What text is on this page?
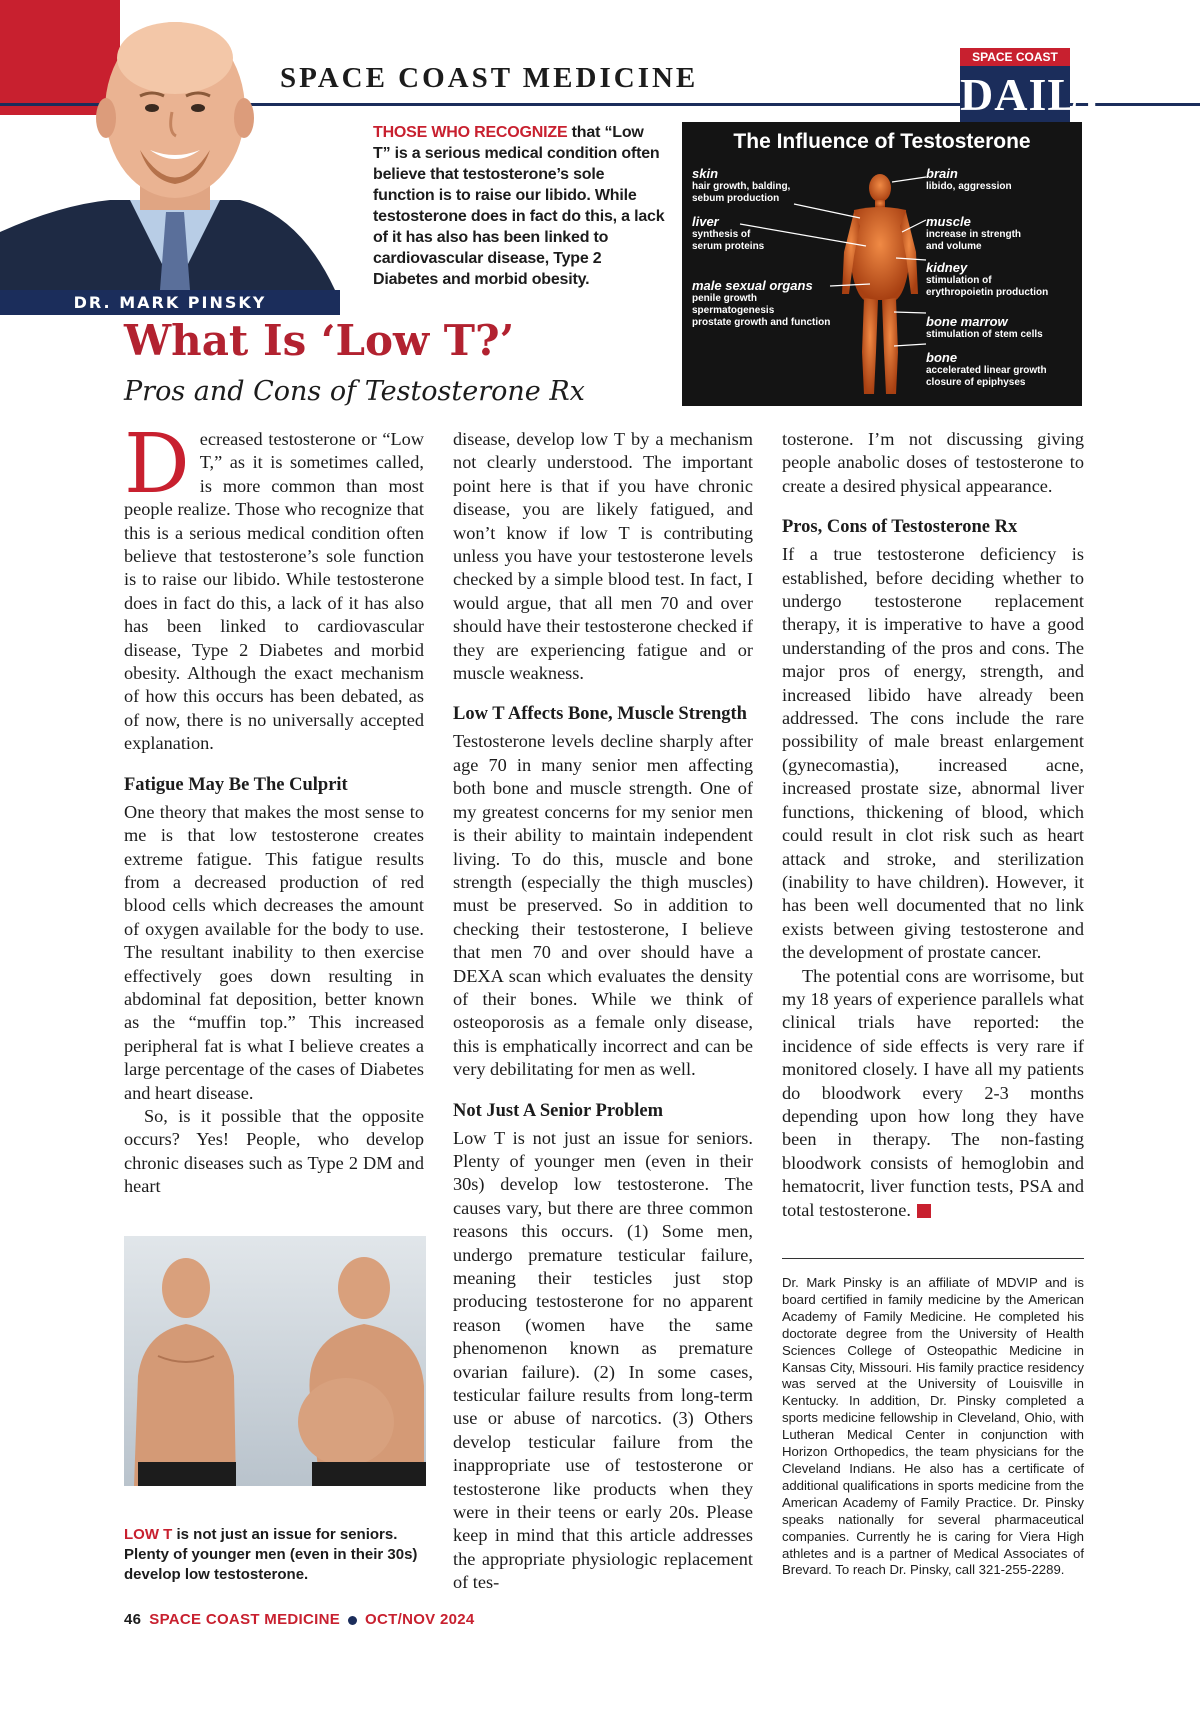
DR. MARK PINSKY
SPACE COAST MEDICINE
SPACE COAST
DAILY
THOSE WHO RECOGNIZE that “Low T” is a serious medical condition often believe that testosterone’s sole function is to raise our libido. While testosterone does in fact do this, a lack of it has also has been linked to cardiovascular disease, Type 2 Diabetes and morbid obesity.
The Influence of Testosterone
skin
hair growth, balding,
sebum production
liver
synthesis of
serum proteins
male sexual organs
penile growth
spermatogenesis
prostate growth and function
brain
libido, aggression
muscle
increase in strength
and volume
kidney
stimulation of
erythropoietin production
bone marrow
stimulation of stem cells
bone
accelerated linear growth
closure of epiphyses
What Is ‘Low T?’
Pros and Cons of Testosterone Rx

Decreased testosterone or “Low T,” as it is sometimes called, is more common than most people realize. Those who recognize that this is a serious medical condition often believe that testosterone’s sole function is to raise our libido. While testosterone does in fact do this, a lack of it has also has been linked to cardiovascular disease, Type 2 Diabetes and morbid obesity. Although the exact mechanism of how this occurs has been debated, as of now, there is no universally accepted explanation.

Fatigue May Be The Culprit

One theory that makes the most sense to me is that low testosterone creates extreme fatigue. This fatigue results from a decreased production of red blood cells which decreases the amount of oxygen available for the body to use. The resultant inability to then exercise effectively goes down resulting in abdominal fat deposition, better known as the “muffin top.” This increased peripheral fat is what I believe creates a large percentage of the cases of Diabetes and heart disease.

So, is it possible that the opposite occurs? Yes! People, who develop chronic diseases such as Type 2 DM and heart

LOW T is not just an issue for seniors. Plenty of younger men (even in their 30s) develop low testosterone.

disease, develop low T by a mechanism not clearly understood. The important point here is that if you have chronic disease, you are likely fatigued, and won’t know if low T is contributing unless you have your testosterone levels checked by a simple blood test. In fact, I would argue, that all men 70 and over should have their testosterone checked if they are experiencing fatigue and or muscle weakness.

Low T Affects Bone, Muscle Strength

Testosterone levels decline sharply after age 70 in many senior men affecting both bone and muscle strength. One of my greatest concerns for my senior men is their ability to maintain independent living. To do this, muscle and bone strength (especially the thigh muscles) must be preserved. So in addition to checking their testosterone, I believe that men 70 and over should have a DEXA scan which evaluates the density of their bones. While we think of osteoporosis as a female only disease, this is emphatically incorrect and can be very debilitating for men as well.

Not Just A Senior Problem

Low T is not just an issue for seniors. Plenty of younger men (even in their 30s) develop low testosterone. The causes vary, but there are three common reasons this occurs. (1) Some men, undergo premature testicular failure, meaning their testicles just stop producing testosterone for no apparent reason (women have the same phenomenon known as premature ovarian failure). (2) In some cases, testicular failure results from long-term use or abuse of narcotics. (3) Others develop testicular failure from the inappropriate use of testosterone or testosterone like products when they were in their teens or early 20s. Please keep in mind that this article addresses the appropriate physiologic replacement of tes-

tosterone. I’m not discussing giving people anabolic doses of testosterone to create a desired physical appearance.

Pros, Cons of Testosterone Rx

If a true testosterone deficiency is established, before deciding whether to undergo testosterone replacement therapy, it is imperative to have a good understanding of the pros and cons. The major pros of energy, strength, and increased libido have already been addressed. The cons include the rare possibility of male breast enlargement (gynecomastia), increased acne, increased prostate size, abnormal liver functions, thickening of blood, which could result in clot risk such as heart attack and stroke, and sterilization (inability to have children). However, it has been well documented that no link exists between giving testosterone and the development of prostate cancer.

The potential cons are worrisome, but my 18 years of experience parallels what clinical trials have reported: the incidence of side effects is very rare if monitored closely. I have all my patients do bloodwork every 2-3 months depending upon how long they have been in therapy. The non-fasting bloodwork consists of hemoglobin and hematocrit, liver function tests, PSA and total testosterone.

Dr. Mark Pinsky is an affiliate of MDVIP and is board certified in family medicine by the American Academy of Family Medicine. He completed his doctorate degree from the University of Health Sciences College of Osteopathic Medicine in Kansas City, Missouri. His family practice residency was served at the University of Louisville in Kentucky. In addition, Dr. Pinsky completed a sports medicine fellowship in Cleveland, Ohio, with Lutheran Medical Center in conjunction with Horizon Orthopedics, the team physicians for the Cleveland Indians. He also has a certificate of additional qualifications in sports medicine from the American Academy of Family Practice. Dr. Pinsky speaks nationally for several pharmaceutical companies. Currently he is caring for Viera High athletes and is a partner of Medical Associates of Brevard. To reach Dr. Pinsky, call 321-255-2289.
46 SPACE COAST MEDICINE OCT/NOV 2024
